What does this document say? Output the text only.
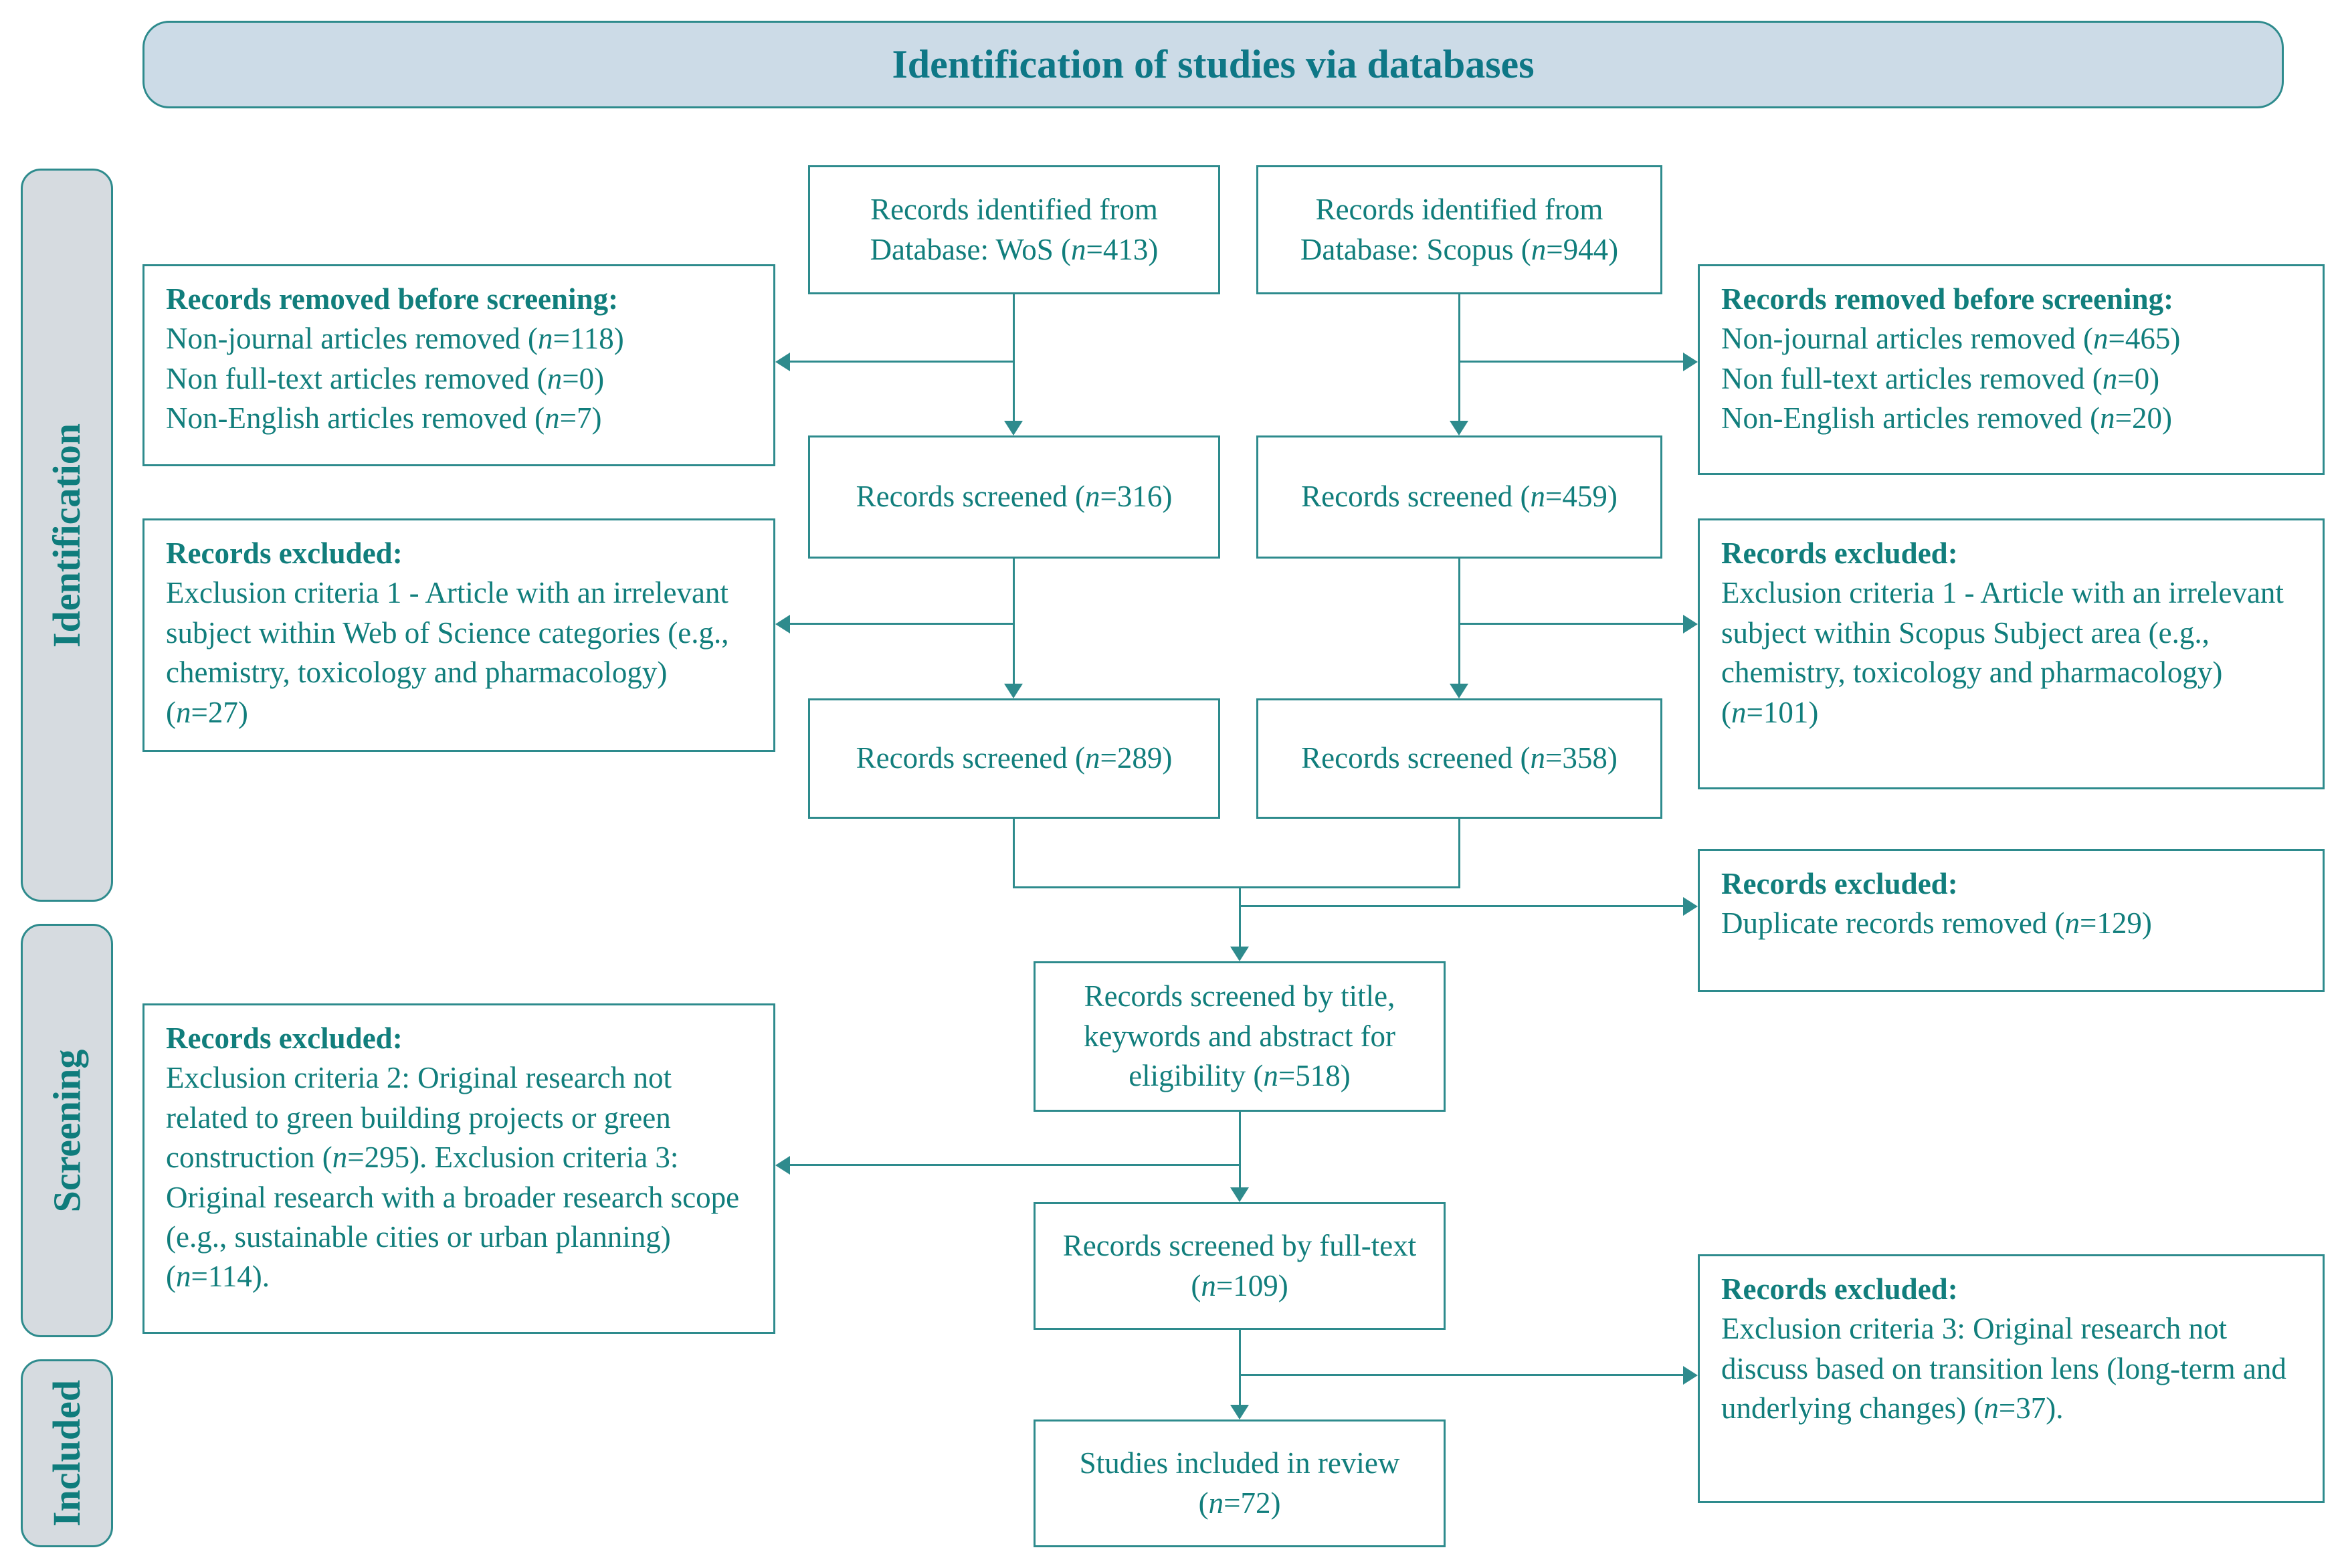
Identification of studies via databases
Identification
Screening
Included
Records identified from Database: WoS (n=413)
Records identified from Database: Scopus (n=944)
Records screened (n=316)	Records screened (n=459)
Records screened (n=289)	Records screened (n=358)
Records screened by title, keywords and abstract for eligibility (n=518)
Records screened by full-text (n=109)
Studies included in review (n=72)
Records removed before screening:
Non-journal articles removed (n=118)
Non full-text articles removed (n=0)
Non-English articles removed (n=7)
Records excluded:
Exclusion criteria 1 - Article with an irrelevant subject within Web of Science categories (e.g., chemistry, toxicology and pharmacology) (n=27)
Records excluded:
Exclusion criteria 2: Original research not related to green building projects or green construction (n=295). Exclusion criteria 3: Original research with a broader research scope (e.g., sustainable cities or urban planning) (n=114).
Records removed before screening:
Non-journal articles removed (n=465)
Non full-text articles removed (n=0)
Non-English articles removed (n=20)
Records excluded:
Exclusion criteria 1 - Article with an irrelevant subject within Scopus Subject area (e.g., chemistry, toxicology and pharmacology) (n=101)
Records excluded:
Duplicate records removed (n=129)
Records excluded:
Exclusion criteria 3: Original research not discuss based on transition lens (long-term and underlying changes) (n=37).
